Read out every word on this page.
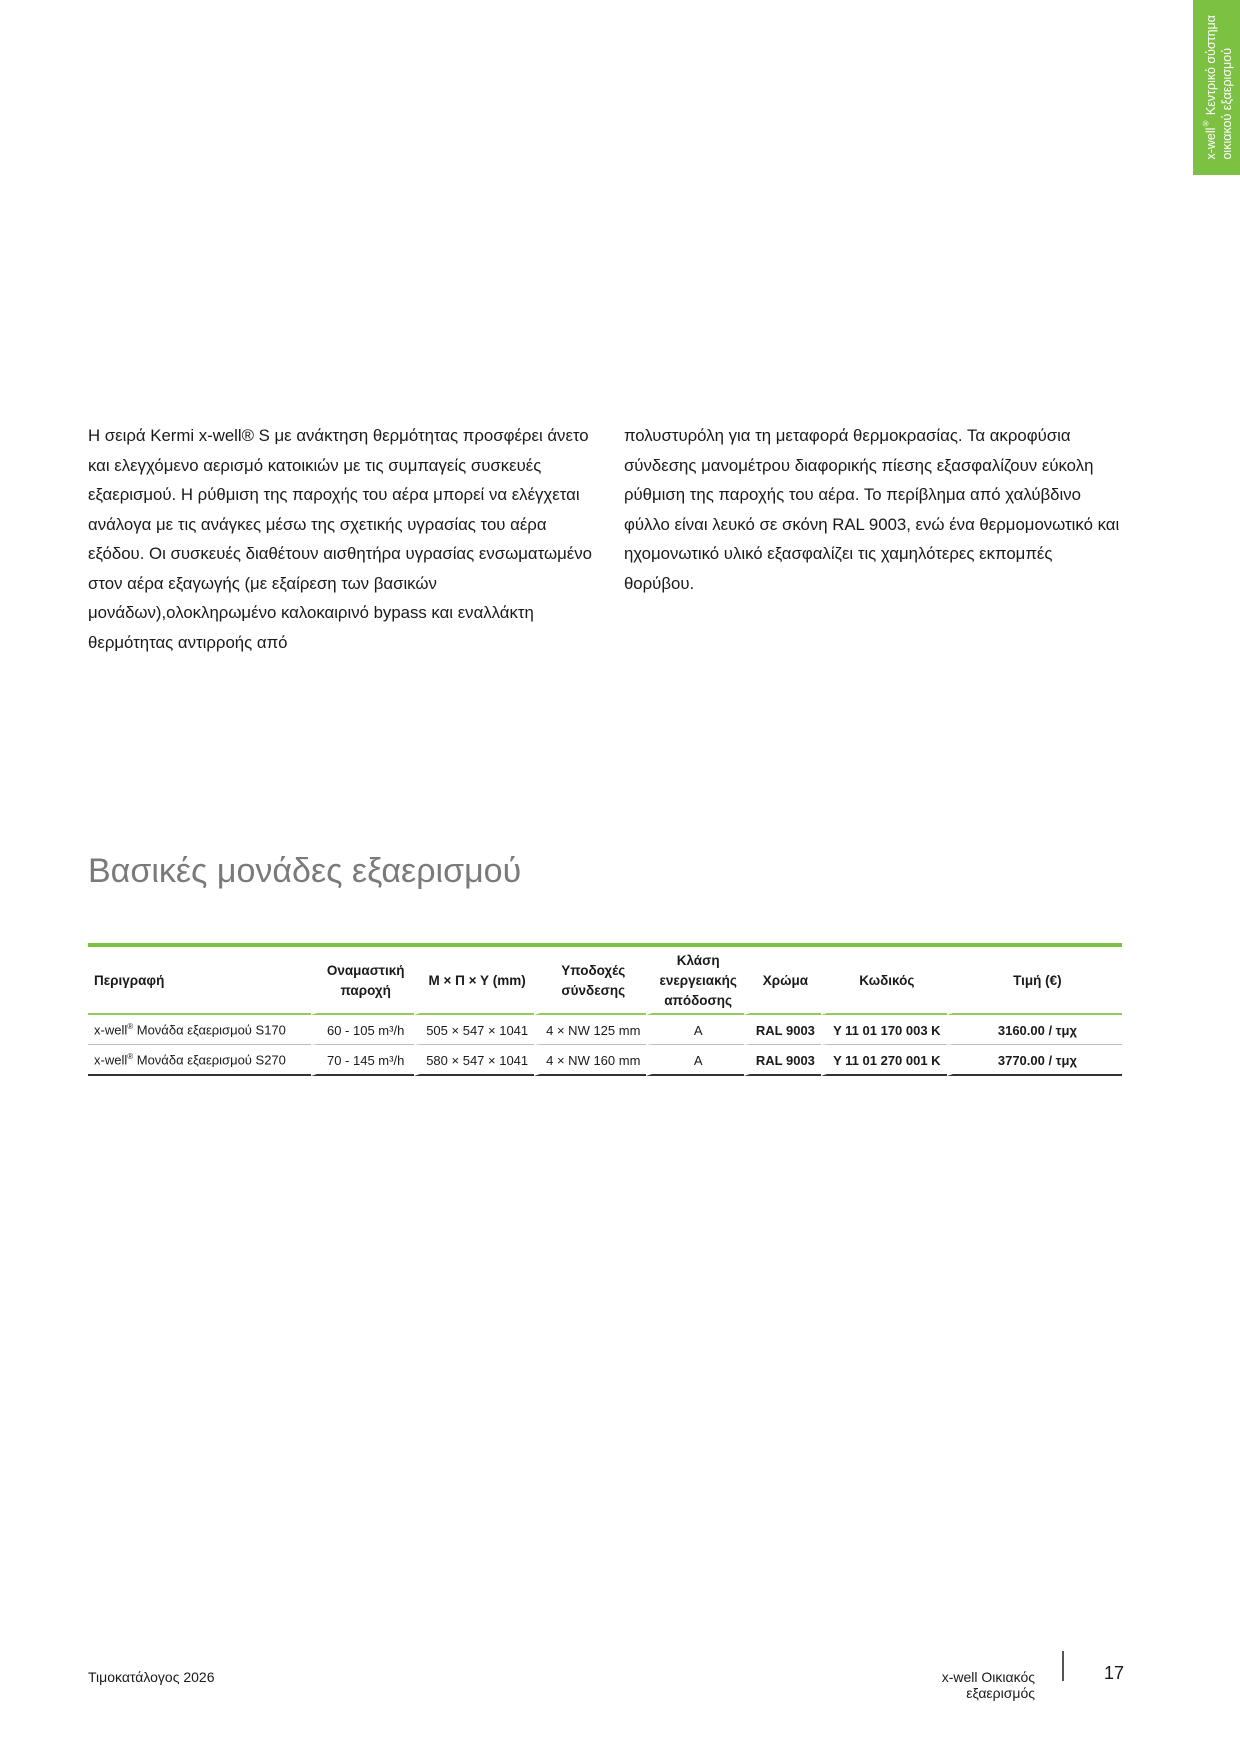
x-well® Κεντρικό σύστημα οικιακού εξαερισμού

Η σειρά Kermi x-well® S με ανάκτηση θερμότητας προσφέρει άνετο και ελεγχόμενο αερισμό κατοικιών με τις συμπαγείς συσκευές εξαερισμού. Η ρύθμιση της παροχής του αέρα μπορεί να ελέγχεται ανάλογα με τις ανάγκες μέσω της σχετικής υγρασίας του αέρα εξόδου. Οι συσκευές διαθέτουν αισθητήρα υγρασίας ενσωματωμένο στον αέρα εξαγωγής (με εξαίρεση των βασικών μονάδων),ολοκληρωμένο καλοκαιρινό bypass και εναλλάκτη θερμότητας αντιρροής από

πολυστυρόλη για τη μεταφορά θερμοκρασίας. Τα ακροφύσια σύνδεσης μανομέτρου διαφορικής πίεσης εξασφαλίζουν εύκολη ρύθμιση της παροχής του αέρα. Το περίβλημα από χαλύβδινο φύλλο είναι λευκό σε σκόνη RAL 9003, ενώ ένα θερμομονωτικό και ηχομονωτικό υλικό εξασφαλίζει τις χαμηλότερες εκπομπές θορύβου.

Βασικές μονάδες εξαερισμού
Περιγραφή	Οναμαστική παροχή	Μ × Π × Υ (mm)	Υποδοχές σύνδεσης	Κλάση ενεργειακής απόδοσης	Χρώμα	Κωδικός	Τιμή (€)
x-well® Μονάδα εξαερισμού S170	60 - 105 m³/h	505 × 547 × 1041	4 × NW 125 mm	A	RAL 9003	Y 11 01 170 003 K	3160.00 / τμχ
x-well® Μονάδα εξαερισμού S270	70 - 145 m³/h	580 × 547 × 1041	4 × NW 160 mm	A	RAL 9003	Y 11 01 270 001 K	3770.00 / τμχ
Τιμοκατάλογος 2026	x-well Οικιακός εξαερισμός
17
